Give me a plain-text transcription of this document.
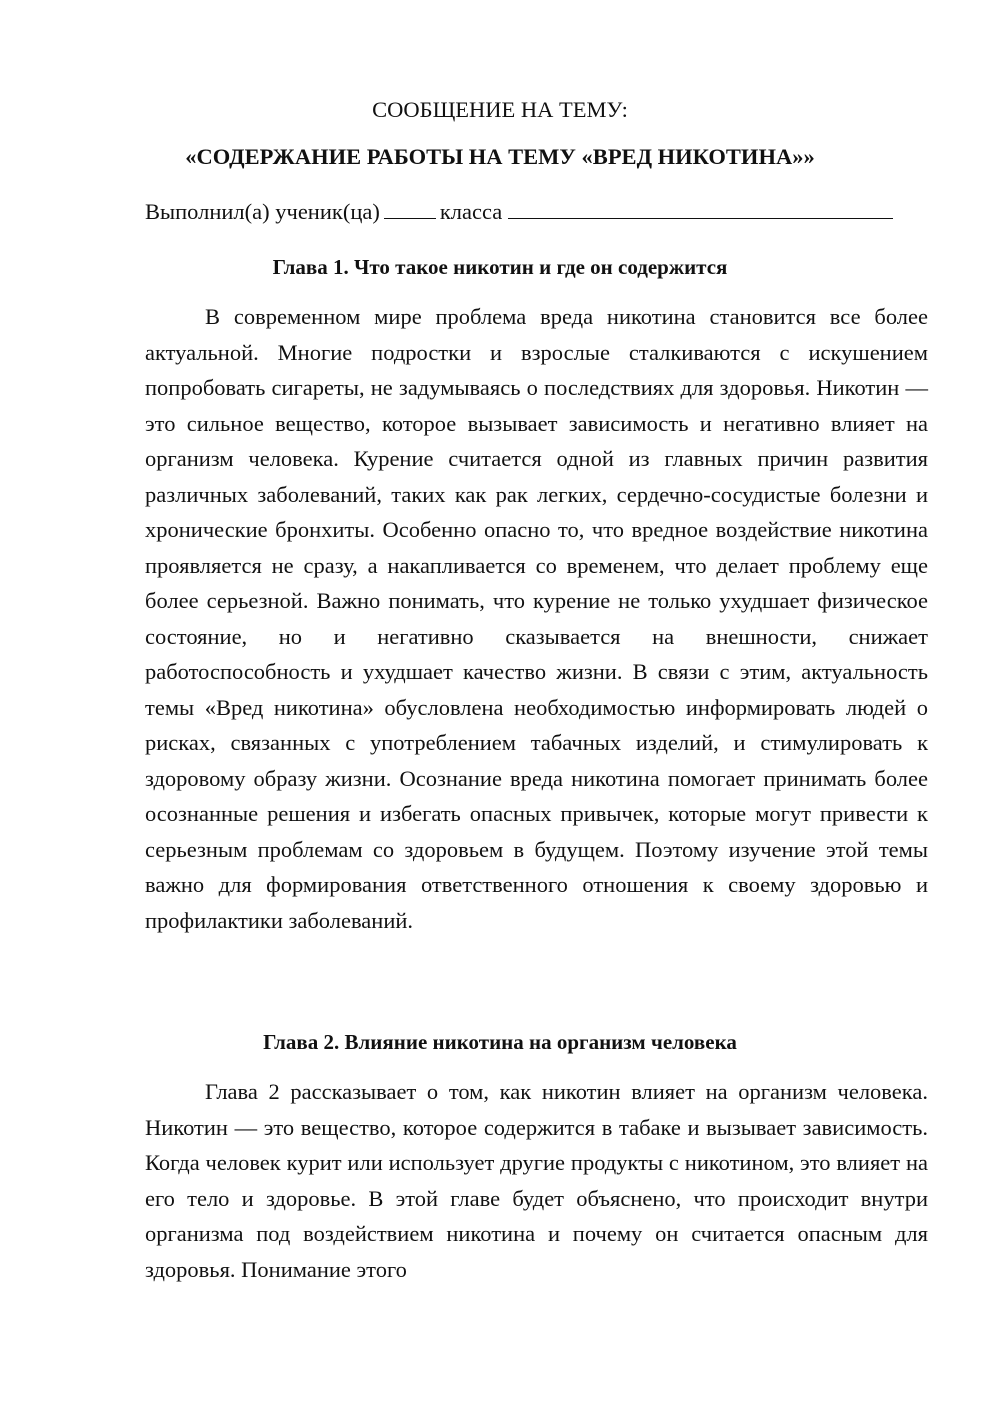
СООБЩЕНИЕ НА ТЕМУ:
«СОДЕРЖАНИЕ РАБОТЫ НА ТЕМУ «ВРЕД НИКОТИНА»»
Выполнил(а) ученик(ца)	класса
Глава 1. Что такое никотин и где он содержится

В современном мире проблема вреда никотина становится все более актуальной. Многие подростки и взрослые сталкиваются с искушением попробовать сигареты, не задумываясь о последствиях для здоровья. Никотин — это сильное вещество, которое вызывает зависимость и негативно влияет на организм человека. Курение считается одной из главных причин развития различных заболеваний, таких как рак легких, сердечно-сосудистые болезни и хронические бронхиты. Особенно опасно то, что вредное воздействие никотина проявляется не сразу, а накапливается со временем, что делает проблему еще более серьезной. Важно понимать, что курение не только ухудшает физическое состояние, но и негативно сказывается на внешности, снижает работоспособность и ухудшает качество жизни. В связи с этим, актуальность темы «Вред никотина» обусловлена необходимостью информировать людей о рисках, связанных с употреблением табачных изделий, и стимулировать к здоровому образу жизни. Осознание вреда никотина помогает принимать более осознанные решения и избегать опасных привычек, которые могут привести к серьезным проблемам со здоровьем в будущем. Поэтому изучение этой темы важно для формирования ответственного отношения к своему здоровью и профилактики заболеваний.

Глава 2. Влияние никотина на организм человека

Глава 2 рассказывает о том, как никотин влияет на организм человека. Никотин — это вещество, которое содержится в табаке и вызывает зависимость. Когда человек курит или использует другие продукты с никотином, это влияет на его тело и здоровье. В этой главе будет объяснено, что происходит внутри организма под воздействием никотина и почему он считается опасным для здоровья. Понимание этого
